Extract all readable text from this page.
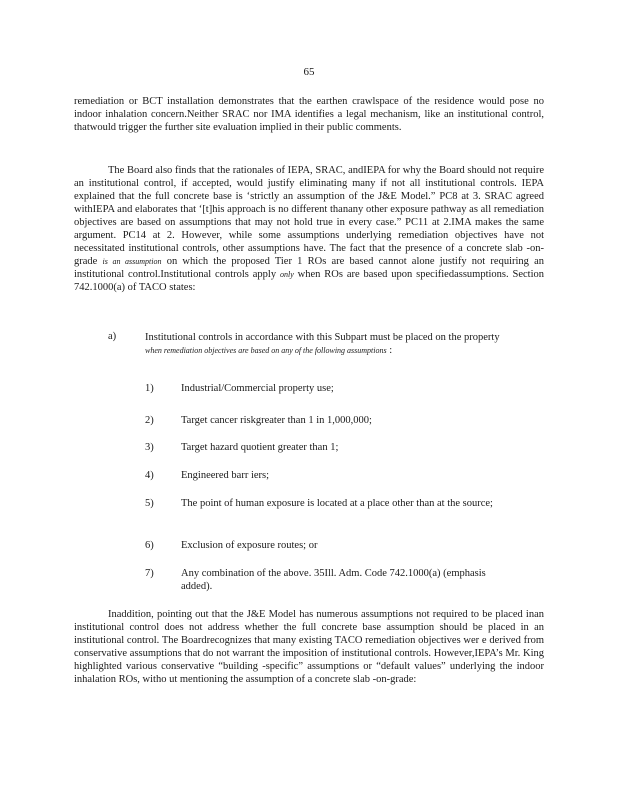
65

remediation or BCT installation demonstrates that the earthen crawlspace of the residence would pose no indoor inhalation concern.Neither SRAC nor IMA identifies a legal mechanism, like an institutional control, thatwould trigger the further site evaluation implied in their public comments.

The Board also finds that the rationales of IEPA, SRAC, andIEPA for why the Board should not require an institutional control, if accepted, would justify eliminating many if not all institutional controls. IEPA explained that the full concrete base is ‘strictly an assumption of the J&E Model.” PC8 at 3. SRAC agreed withIEPA and elaborates that ‘[t]his approach is no different thanany other exposure pathway as all remediation objectives are based on assumptions that may not hold true in every case.” PC11 at 2.IMA makes the same argument. PC14 at 2. However, while some assumptions underlying remediation objectives have not necessitated institutional controls, other assumptions have. The fact that the presence of a concrete slab -on-grade is an assumption on which the proposed Tier 1 ROs are based cannot alone justify not requiring an institutional control.Institutional controls apply only when ROs are based upon specifiedassumptions. Section 742.1000(a) of TACO states:

a)	Institutional controls in accordance with this Subpart must be placed on the property when remediation objectives are based on any of the following assumptions :
1)	Industrial/Commercial property use;
2)	Target cancer riskgreater than 1 in 1,000,000;
3)	Target hazard quotient greater than 1;
4)	Engineered barr iers;
5)	The point of human exposure is located at a place other than at the source;
6)	Exclusion of exposure routes; or
7)	Any combination of the above. 35Ill. Adm. Code 742.1000(a) (emphasis added).

Inaddition, pointing out that the J&E Model has numerous assumptions not required to be placed inan institutional control does not address whether the full concrete base assumption should be placed in an institutional control. The Boardrecognizes that many existing TACO remediation objectives wer e derived from conservative assumptions that do not warrant the imposition of institutional controls. However,IEPA’s Mr. King highlighted various conservative “building -specific” assumptions or “default values” underlying the indoor inhalation ROs, witho ut mentioning the assumption of a concrete slab -on-grade:
